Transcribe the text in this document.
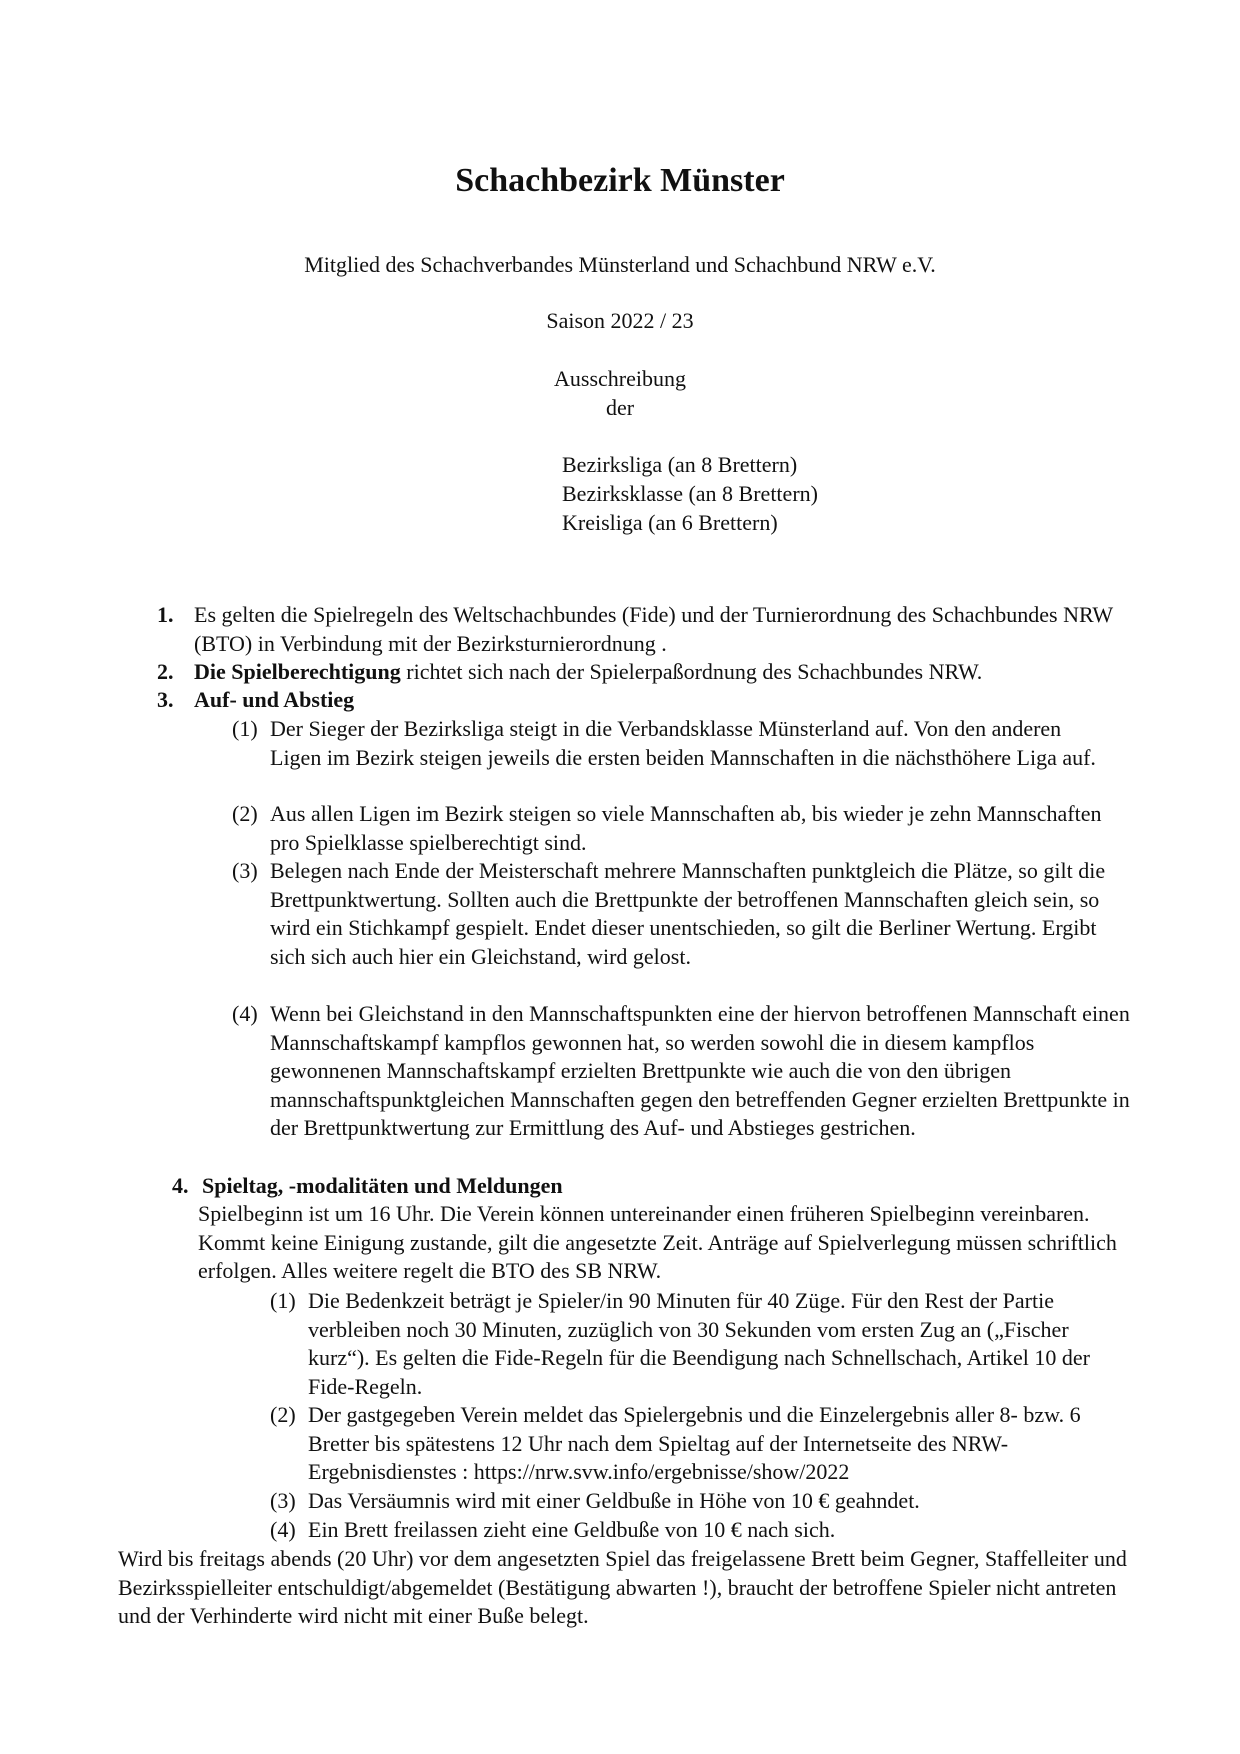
Schachbezirk Münster
Mitglied des Schachverbandes Münsterland und Schachbund NRW e.V.
Saison 2022 / 23
Ausschreibung
der
Bezirksliga (an 8 Brettern)
Bezirksklasse (an 8 Brettern)
Kreisliga (an 6 Brettern)
1. Es gelten die Spielregeln des Weltschachbundes (Fide) und der Turnierordnung des Schachbundes NRW (BTO) in Verbindung mit der Bezirksturnierordnung .
2. Die Spielberechtigung richtet sich nach der Spielerpaßordnung des Schachbundes NRW.
3. Auf- und Abstieg
(1) Der Sieger der Bezirksliga steigt in die Verbandsklasse Münsterland auf. Von den anderen Ligen im Bezirk steigen jeweils die ersten beiden Mannschaften in die nächsthöhere Liga auf.
(2) Aus allen Ligen im Bezirk steigen so viele Mannschaften ab, bis wieder je zehn Mannschaften pro Spielklasse spielberechtigt sind.
(3) Belegen nach Ende der Meisterschaft mehrere Mannschaften punktgleich die Plätze, so gilt die Brettpunktwertung. Sollten auch die Brettpunkte der betroffenen Mannschaften gleich sein, so wird ein Stichkampf gespielt. Endet dieser unentschieden, so gilt die Berliner Wertung. Ergibt sich sich auch hier ein Gleichstand, wird gelost.
(4) Wenn bei Gleichstand in den Mannschaftspunkten eine der hiervon betroffenen Mannschaft einen Mannschaftskampf kampflos gewonnen hat, so werden sowohl die in diesem kampflos gewonnenen Mannschaftskampf erzielten Brettpunkte wie auch die von den übrigen mannschaftspunktgleichen Mannschaften gegen den betreffenden Gegner erzielten Brettpunkte in der Brettpunktwertung zur Ermittlung des Auf- und Abstieges gestrichen.
4. Spieltag, -modalitäten und Meldungen
Spielbeginn ist um 16 Uhr. Die Verein können untereinander einen früheren Spielbeginn vereinbaren. Kommt keine Einigung zustande, gilt die angesetzte Zeit. Anträge auf Spielverlegung müssen schriftlich erfolgen. Alles weitere regelt die BTO des SB NRW.
(1) Die Bedenkzeit beträgt je Spieler/in 90 Minuten für 40 Züge. Für den Rest der Partie verbleiben noch 30 Minuten, zuzüglich von 30 Sekunden vom ersten Zug an („Fischer kurz“). Es gelten die Fide-Regeln für die Beendigung nach Schnellschach, Artikel 10 der Fide-Regeln.
(2) Der gastgegeben Verein meldet das Spielergebnis und die Einzelergebnis aller 8- bzw. 6 Bretter bis spätestens 12 Uhr nach dem Spieltag auf der Internetseite des NRW-Ergebnisdienstes : https://nrw.svw.info/ergebnisse/show/2022
(3) Das Versäumnis wird mit einer Geldbuße in Höhe von 10 € geahndet.
(4) Ein Brett freilassen zieht eine Geldbuße von 10 € nach sich.
Wird bis freitags abends (20 Uhr) vor dem angesetzten Spiel das freigelassene Brett beim Gegner, Staffelleiter und Bezirksspielleiter entschuldigt/abgemeldet (Bestätigung abwarten !), braucht der betroffene Spieler nicht antreten und der Verhinderte wird nicht mit einer Buße belegt.
